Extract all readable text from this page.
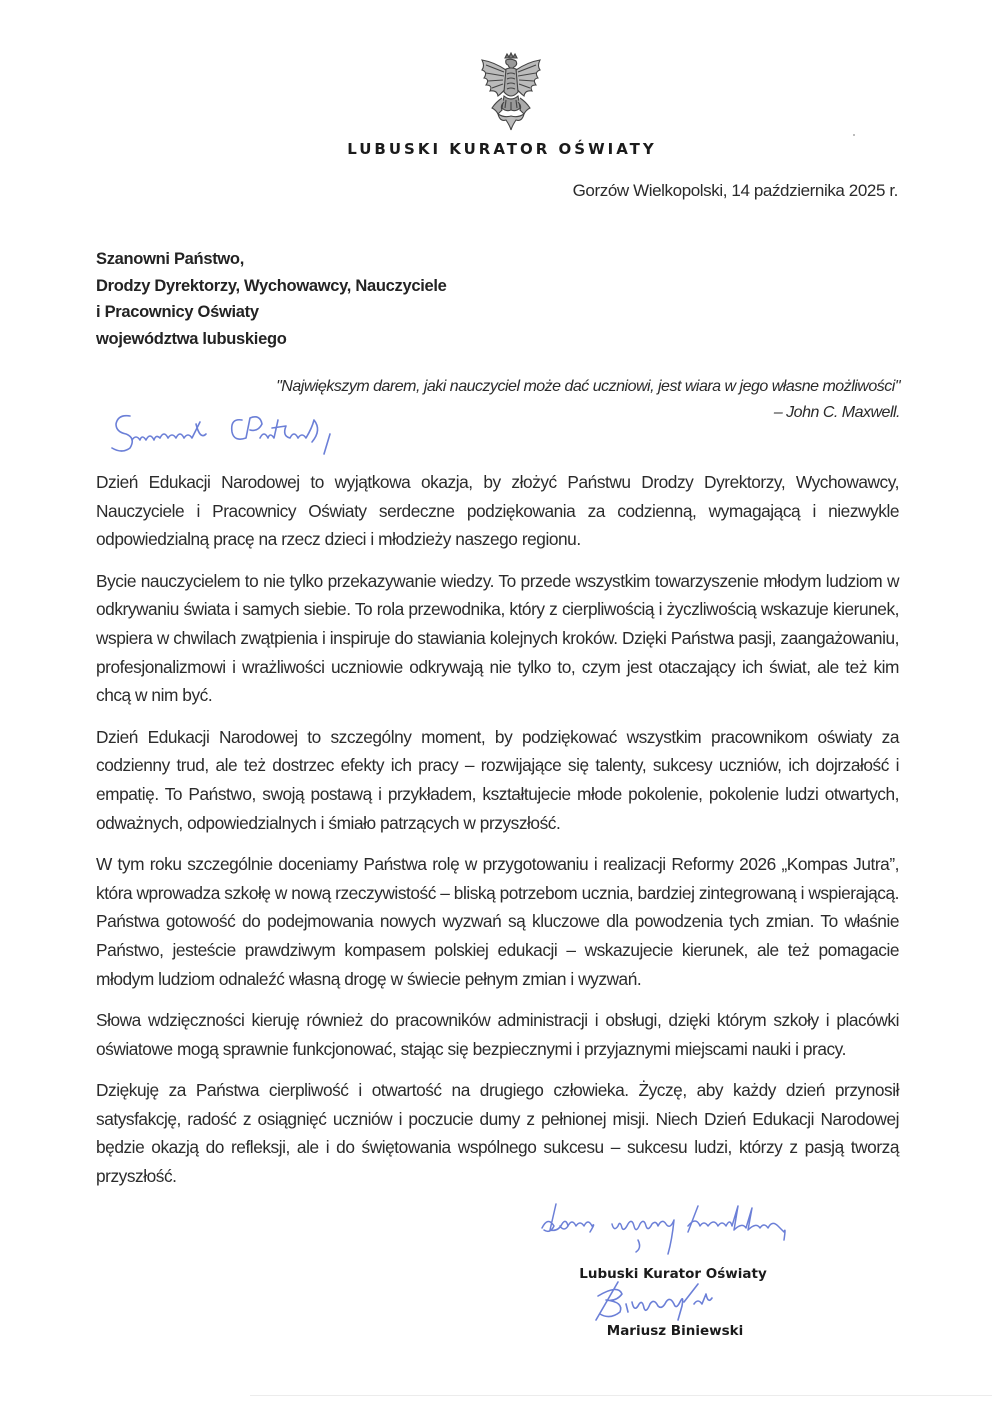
LUBUSKI KURATOR OŚWIATY
Gorzów Wielkopolski, 14 października 2025 r.
Szanowni Państwo,
Drodzy Dyrektorzy, Wychowawcy, Nauczyciele
i Pracownicy Oświaty
województwa lubuskiego
"Największym darem, jaki nauczyciel może dać uczniowi, jest wiara w jego własne możliwości"
– John C. Maxwell.

Dzień Edukacji Narodowej to wyjątkowa okazja, by złożyć Państwu Drodzy Dyrektorzy, Wychowawcy, Nauczyciele i Pracownicy Oświaty serdeczne podziękowania za codzienną, wymagającą i niezwykle odpowiedzialną pracę na rzecz dzieci i młodzieży naszego regionu.

Bycie nauczycielem to nie tylko przekazywanie wiedzy. To przede wszystkim towarzyszenie młodym ludziom w odkrywaniu świata i samych siebie. To rola przewodnika, który z cierpliwością i życzliwością wskazuje kierunek, wspiera w chwilach zwątpienia i inspiruje do stawiania kolejnych kroków. Dzięki Państwa pasji, zaangażowaniu, profesjonalizmowi i wrażliwości uczniowie odkrywają nie tylko to, czym jest otaczający ich świat, ale też kim chcą w nim być.

Dzień Edukacji Narodowej to szczególny moment, by podziękować wszystkim pracownikom oświaty za codzienny trud, ale też dostrzec efekty ich pracy – rozwijające się talenty, sukcesy uczniów, ich dojrzałość i empatię. To Państwo, swoją postawą i przykładem, kształtujecie młode pokolenie, pokolenie ludzi otwartych, odważnych, odpowiedzialnych i śmiało patrzących w przyszłość.

W tym roku szczególnie doceniamy Państwa rolę w przygotowaniu i realizacji Reformy 2026 „Kompas Jutra”, która wprowadza szkołę w nową rzeczywistość – bliską potrzebom ucznia, bardziej zintegrowaną i wspierającą. Państwa gotowość do podejmowania nowych wyzwań są kluczowe dla powodzenia tych zmian. To właśnie Państwo, jesteście prawdziwym kompasem polskiej edukacji – wskazujecie kierunek, ale też pomagacie młodym ludziom odnaleźć własną drogę w świecie pełnym zmian i wyzwań.

Słowa wdzięczności kieruję również do pracowników administracji i obsługi, dzięki którym szkoły i placówki oświatowe mogą sprawnie funkcjonować, stając się bezpiecznymi i przyjaznymi miejscami nauki i pracy.

Dziękuję za Państwa cierpliwość i otwartość na drugiego człowieka. Życzę, aby każdy dzień przynosił satysfakcję, radość z osiągnięć uczniów i poczucie dumy z pełnionej misji. Niech Dzień Edukacji Narodowej będzie okazją do refleksji, ale i do świętowania wspólnego sukcesu – sukcesu ludzi, którzy z pasją tworzą przyszłość.

Lubuski Kurator Oświaty
Mariusz Biniewski
